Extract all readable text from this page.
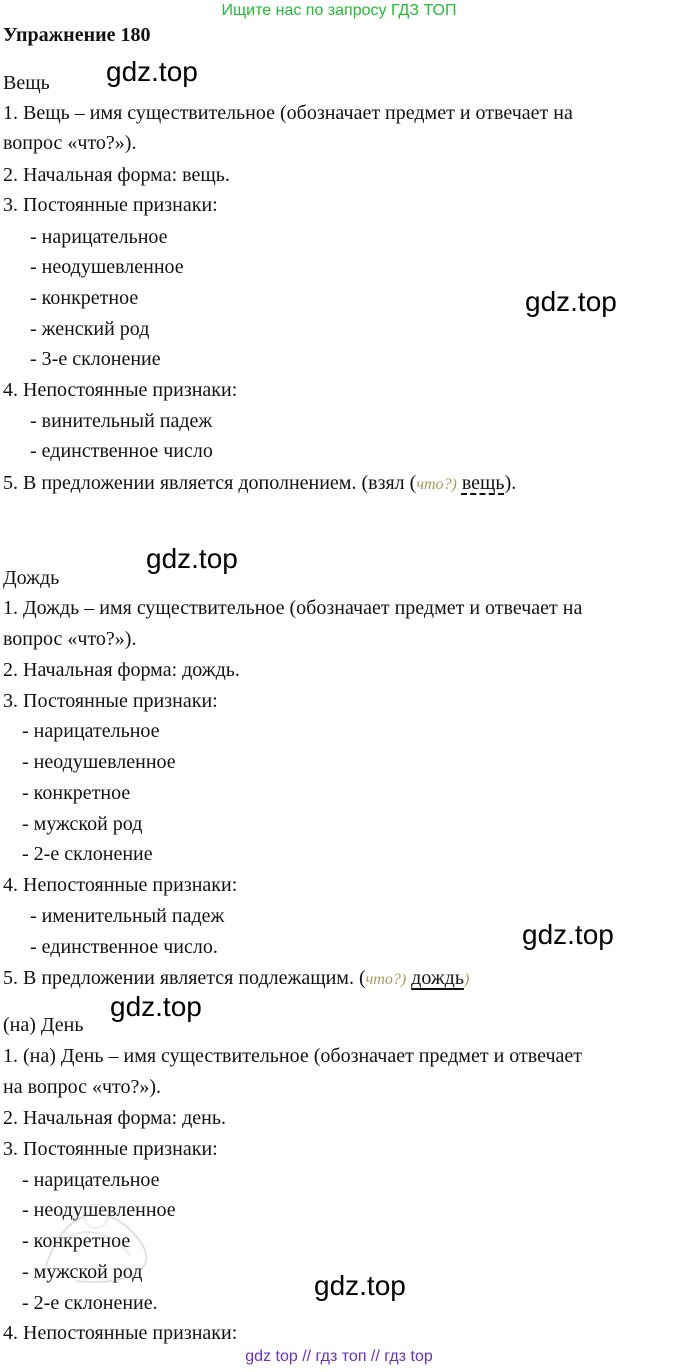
Ищите нас по запросу ГДЗ ТОП
Упражнение 180
Вещь
1. Вещь – имя существительное (обозначает предмет и отвечает на
вопрос «что?»).
2. Начальная форма: вещь.
3. Постоянные признаки:
- нарицательное
- неодушевленное
- конкретное
- женский род
- 3-е склонение
4. Непостоянные признаки:
- винительный падеж
- единственное число
5. В предложении является дополнением. (взял (что?) вещь).
Дождь
1. Дождь – имя существительное (обозначает предмет и отвечает на
вопрос «что?»).
2. Начальная форма: дождь.
3. Постоянные признаки:
- нарицательное
- неодушевленное
- конкретное
- мужской род
- 2-е склонение
4. Непостоянные признаки:
- именительный падеж
- единственное число.
5. В предложении является подлежащим. (что?) дождь)
(на) День
1. (на) День – имя существительное (обозначает предмет и отвечает
на вопрос «что?»).
2. Начальная форма: день.
3. Постоянные признаки:
- нарицательное
- неодушевленное
- конкретное
- мужской род
- 2-е склонение.
4. Непостоянные признаки:
gdz.top
gdz.top
gdz.top
gdz.top
gdz.top
gdz.top
gdz top // гдз топ // гдз top
